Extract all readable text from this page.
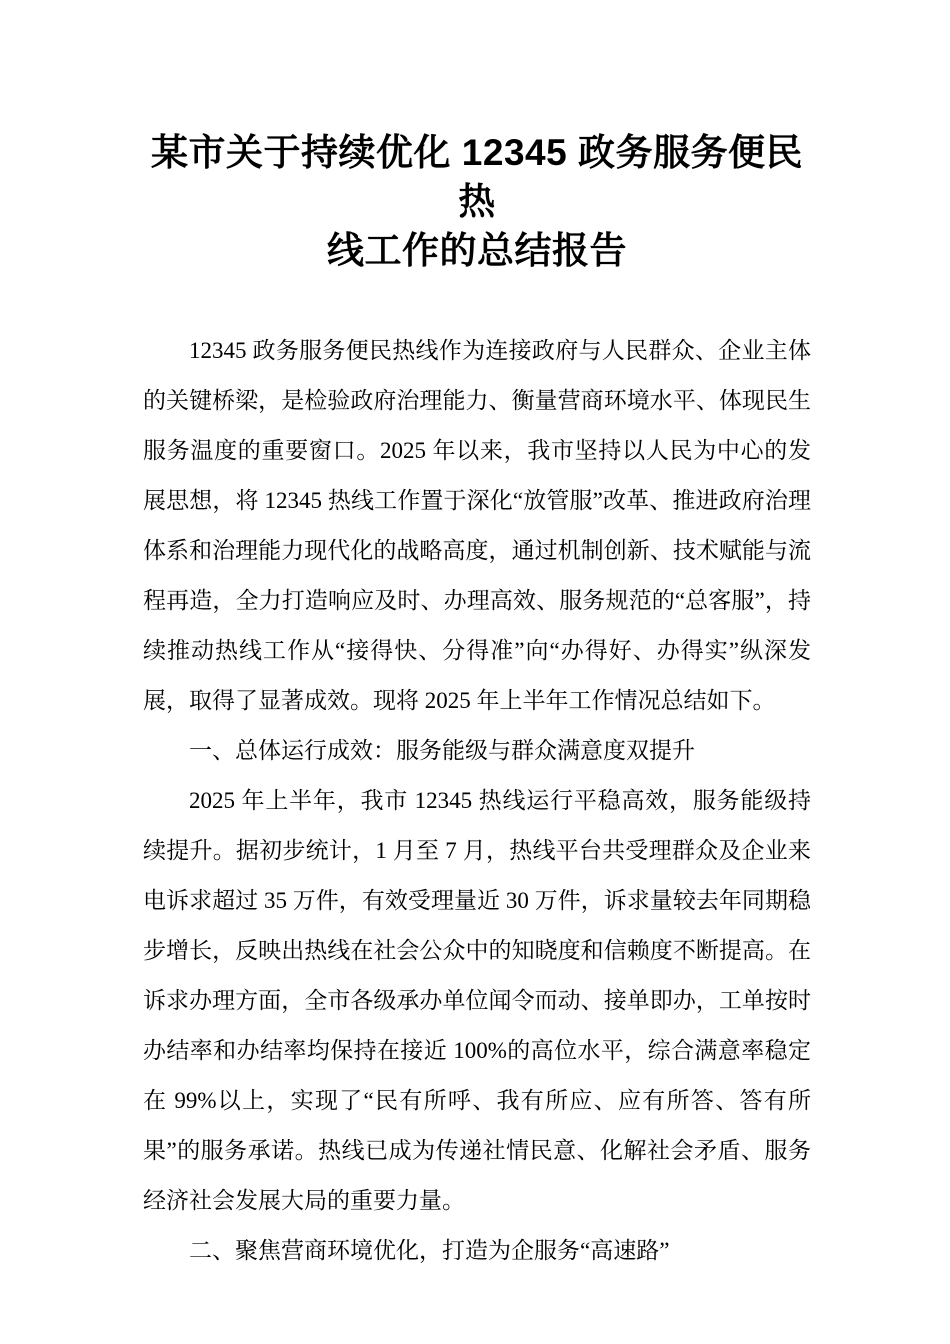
某市关于持续优化 12345 政务服务便民热
线工作的总结报告

12345 政务服务便民热线作为连接政府与人民群众、企业主体的关键桥梁，是检验政府治理能力、衡量营商环境水平、体现民生服务温度的重要窗口。2025 年以来，我市坚持以人民为中心的发展思想，将 12345 热线工作置于深化“放管服”改革、推进政府治理体系和治理能力现代化的战略高度，通过机制创新、技术赋能与流程再造，全力打造响应及时、办理高效、服务规范的“总客服”，持续推动热线工作从“接得快、分得准”向“办得好、办得实”纵深发展，取得了显著成效。现将 2025 年上半年工作情况总结如下。

一、总体运行成效：服务能级与群众满意度双提升

2025 年上半年，我市 12345 热线运行平稳高效，服务能级持续提升。据初步统计，1 月至 7 月，热线平台共受理群众及企业来电诉求超过 35 万件，有效受理量近 30 万件，诉求量较去年同期稳步增长，反映出热线在社会公众中的知晓度和信赖度不断提高。在诉求办理方面，全市各级承办单位闻令而动、接单即办，工单按时办结率和办结率均保持在接近 100%的高位水平，综合满意率稳定在 99%以上，实现了“民有所呼、我有所应、应有所答、答有所果”的服务承诺。热线已成为传递社情民意、化解社会矛盾、服务经济社会发展大局的重要力量。

二、聚焦营商环境优化，打造为企服务“高速路”
